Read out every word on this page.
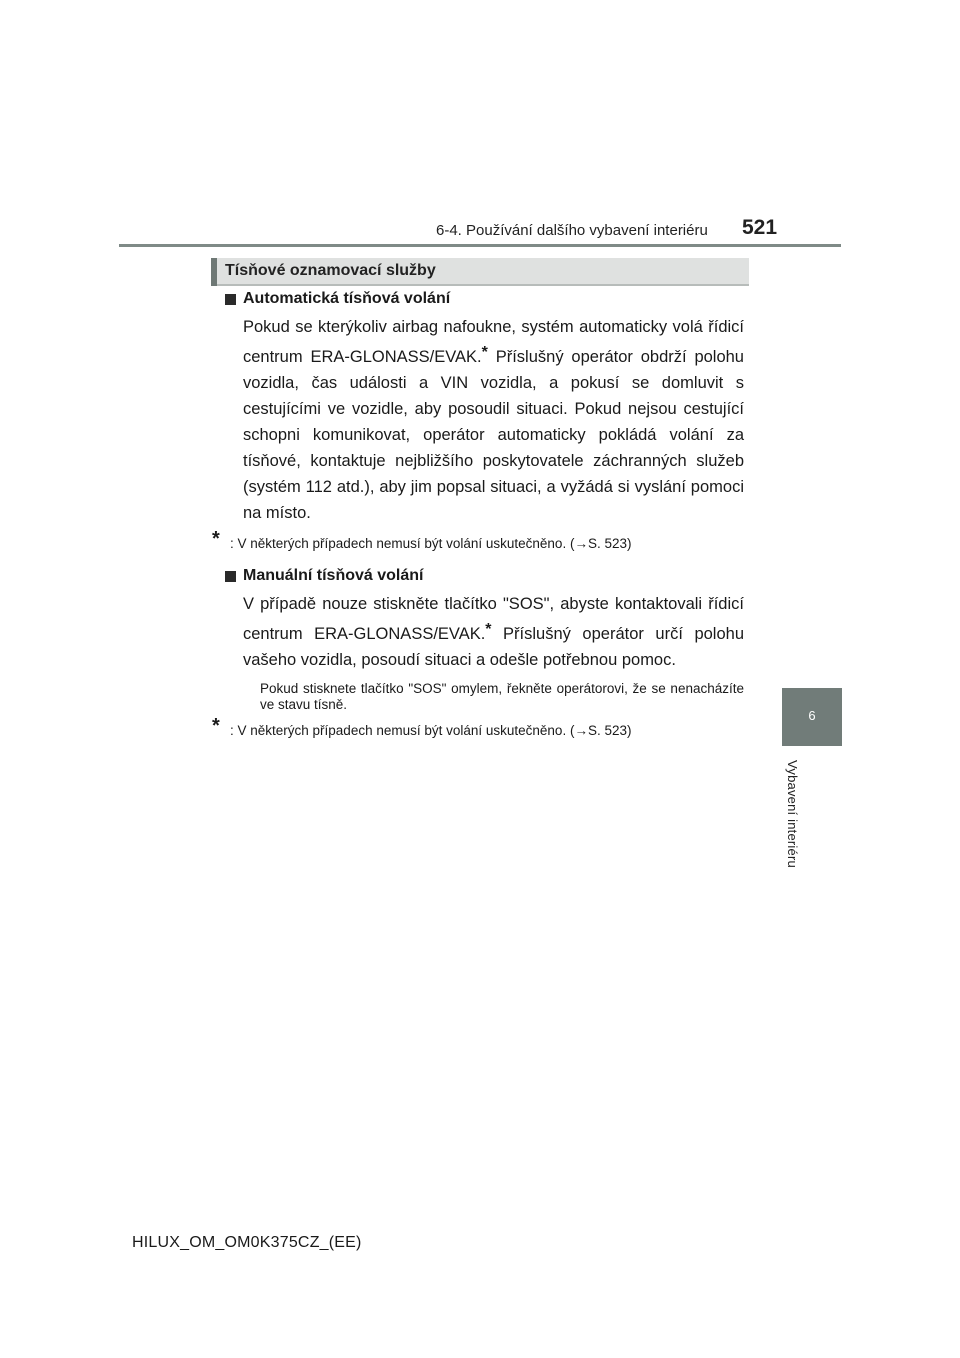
6-4. Používání dalšího vybavení interiéru 521
6
Vybavení interiéru
Tísňové oznamovací služby
Automatická tísňová volání

Pokud se kterýkoliv airbag nafoukne, systém automaticky volá řídicí centrum ERA-GLONASS/EVAK.* Příslušný operátor obdrží polohu vozidla, čas události a VIN vozidla, a pokusí se domluvit s cestujícími ve vozidle, aby posoudil situaci. Pokud nejsou cestující schopni komunikovat, operátor automaticky pokládá volání za tísňové, kontaktuje nejbližšího poskytovatele záchranných služeb (systém 112 atd.), aby jim popsal situaci, a vyžádá si vyslání pomoci na místo.

* : V některých případech nemusí být volání uskutečněno. (→S. 523)
Manuální tísňová volání

V případě nouze stiskněte tlačítko "SOS", abyste kontaktovali řídicí centrum ERA-GLONASS/EVAK.* Příslušný operátor určí polohu vašeho vozidla, posoudí situaci a odešle potřebnou pomoc.

Pokud stisknete tlačítko "SOS" omylem, řekněte operátorovi, že se nenacházíte ve stavu tísně.

* : V některých případech nemusí být volání uskutečněno. (→S. 523)
HILUX_OM_OM0K375CZ_(EE)
